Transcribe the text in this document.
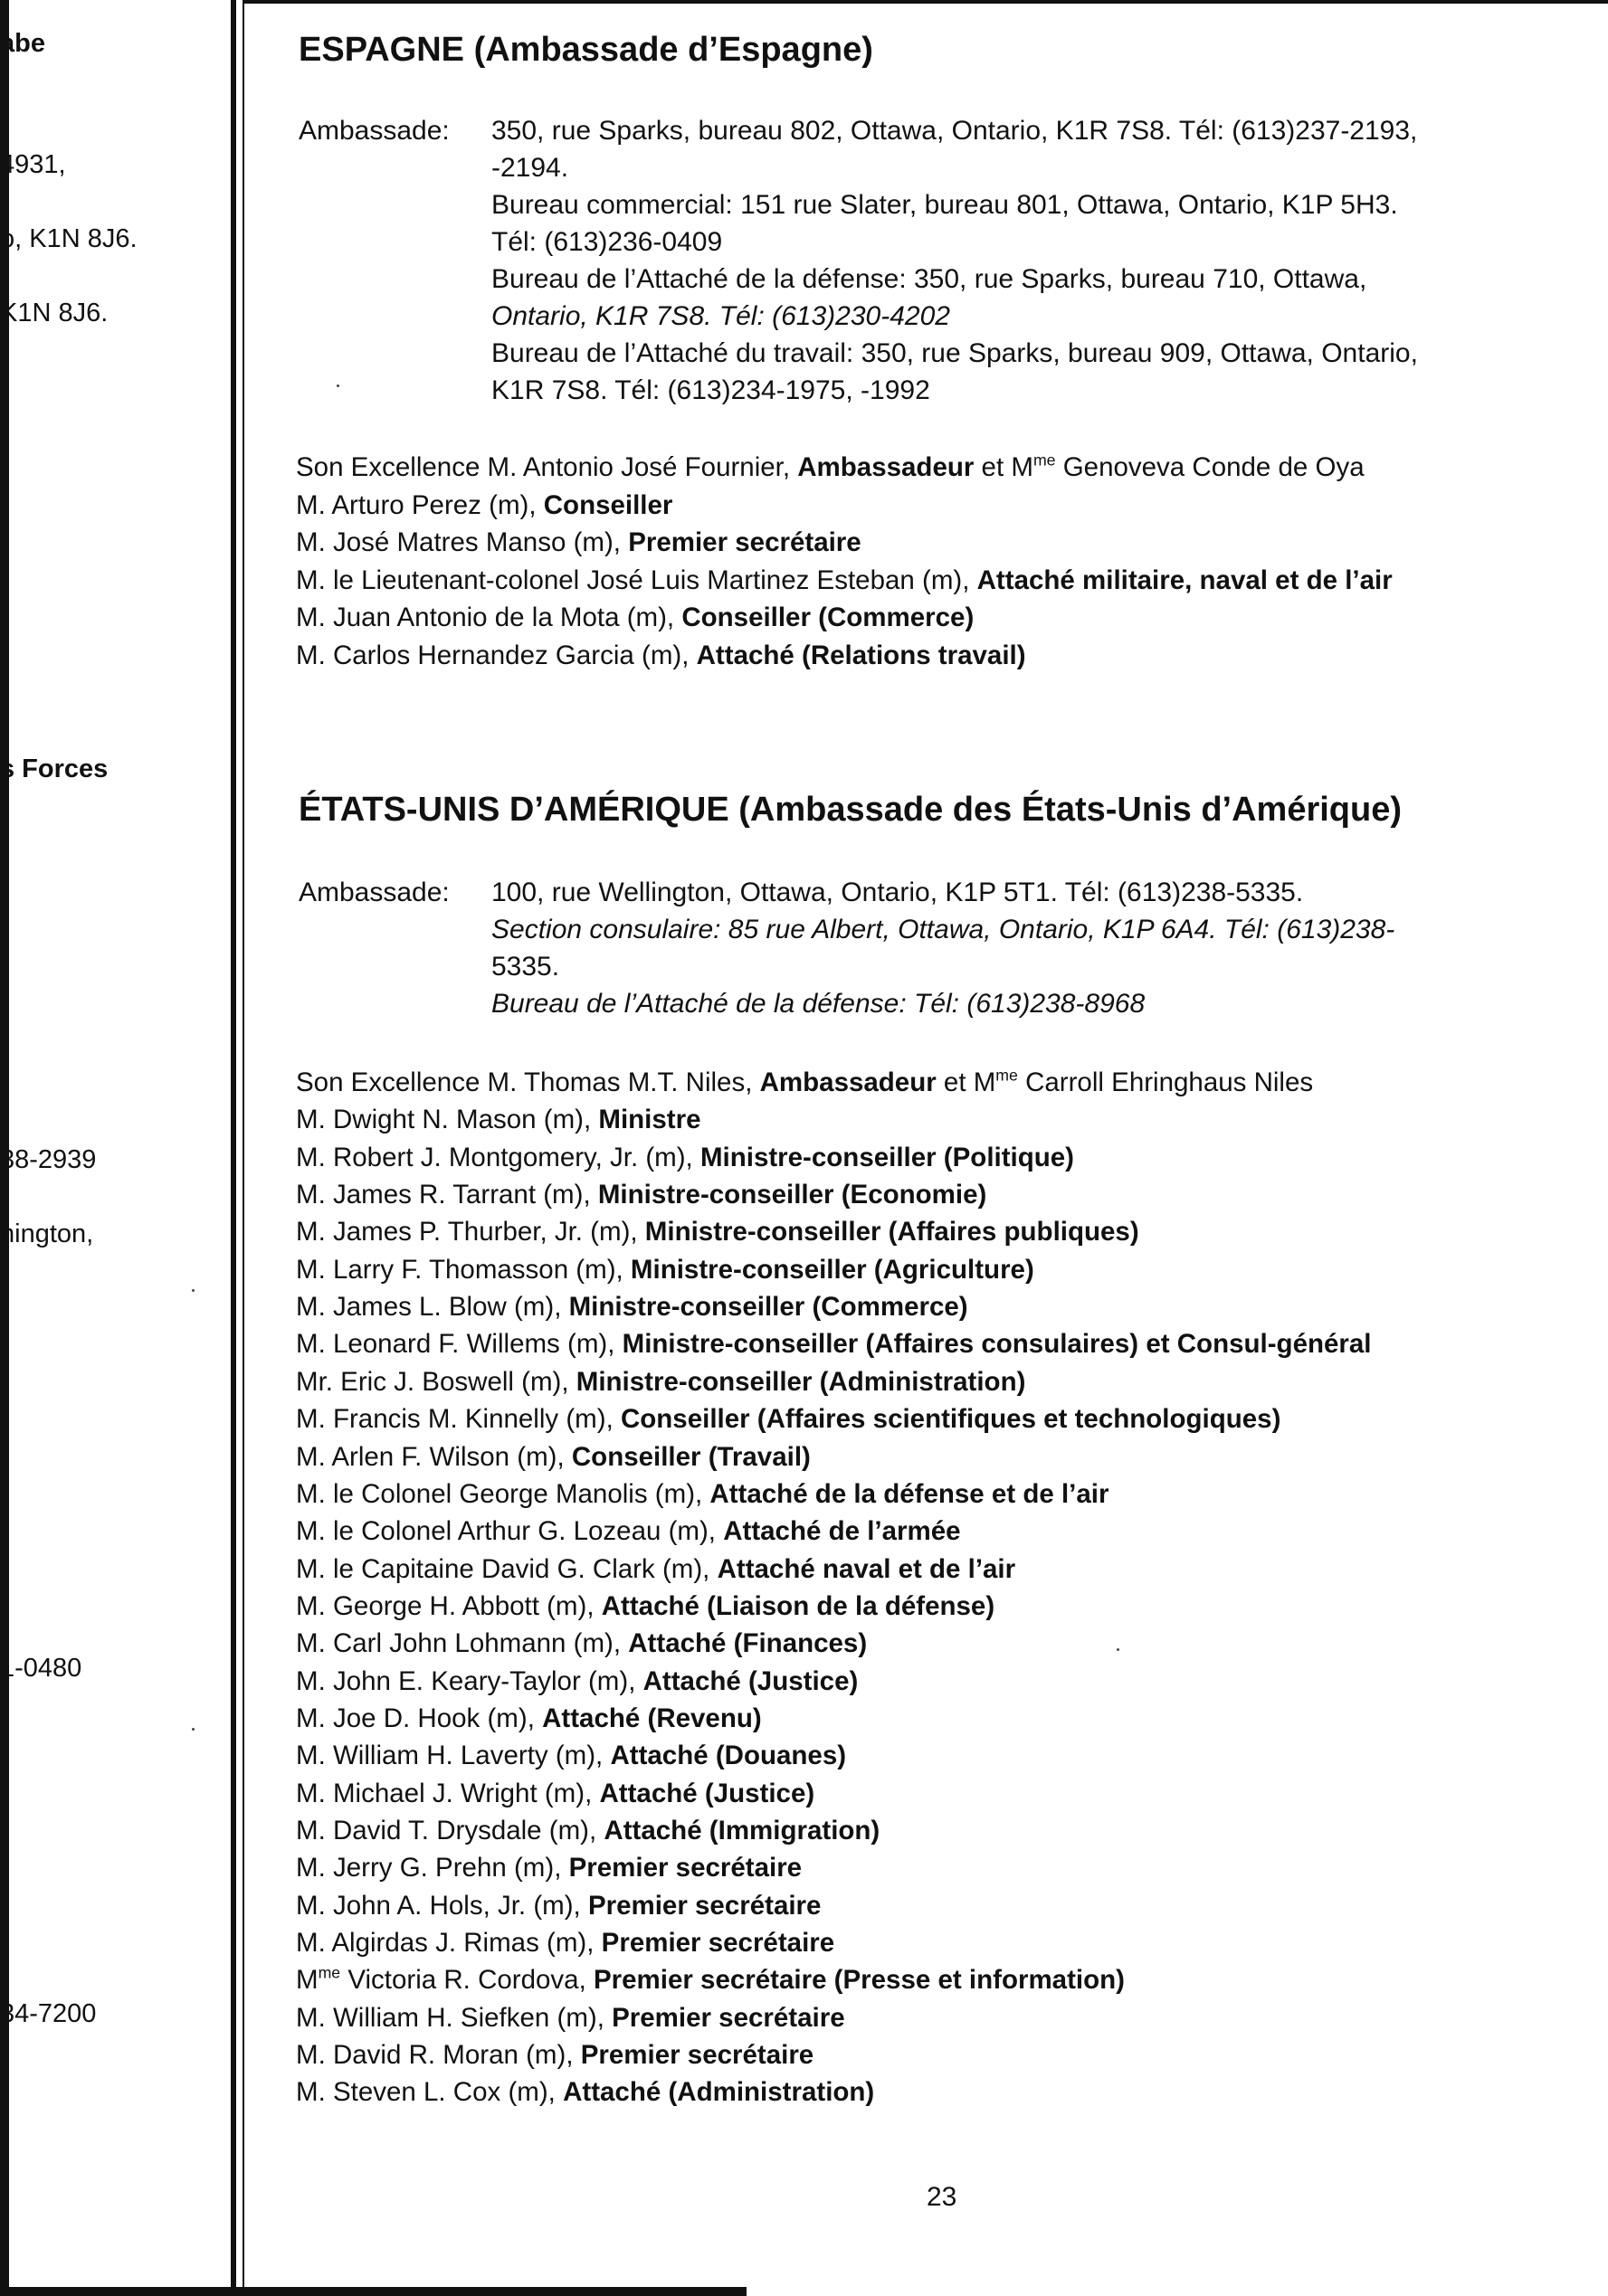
abe
4931,
o, K1N 8J6.
K1N 8J6.
s Forces
38-2939
hington,
1-0480
34-7200
ESPAGNE (Ambassade d’Espagne)
Ambassade: 350, rue Sparks, bureau 802, Ottawa, Ontario, K1R 7S8. Tél: (613)237-2193,
-2194.
Bureau commercial: 151 rue Slater, bureau 801, Ottawa, Ontario, K1P 5H3.
Tél: (613)236-0409
Bureau de l’Attaché de la défense: 350, rue Sparks, bureau 710, Ottawa,
Ontario, K1R 7S8. Tél: (613)230-4202
Bureau de l’Attaché du travail: 350, rue Sparks, bureau 909, Ottawa, Ontario,
K1R 7S8. Tél: (613)234-1975, -1992
Son Excellence M. Antonio José Fournier, Ambassadeur et $M^{me}$ Genoveva Conde de Oya
M. Arturo Perez (m), Conseiller
M. José Matres Manso (m), Premier secrétaire
M. le Lieutenant-colonel José Luis Martinez Esteban (m), Attaché militaire, naval et de l’air
M. Juan Antonio de la Mota (m), Conseiller (Commerce)
M. Carlos Hernandez Garcia (m), Attaché (Relations travail)
ÉTATS-UNIS D’AMÉRIQUE (Ambassade des États-Unis d’Amérique)
Ambassade: 100, rue Wellington, Ottawa, Ontario, K1P 5T1. Tél: (613)238-5335.
Section consulaire: 85 rue Albert, Ottawa, Ontario, K1P 6A4. Tél: (613)238-
5335.
Bureau de l’Attaché de la défense: Tél: (613)238-8968
Son Excellence M. Thomas M.T. Niles, Ambassadeur et $M^{me}$ Carroll Ehringhaus Niles
M. Dwight N. Mason (m), Ministre
M. Robert J. Montgomery, Jr. (m), Ministre-conseiller (Politique)
M. James R. Tarrant (m), Ministre-conseiller (Economie)
M. James P. Thurber, Jr. (m), Ministre-conseiller (Affaires publiques)
M. Larry F. Thomasson (m), Ministre-conseiller (Agriculture)
M. James L. Blow (m), Ministre-conseiller (Commerce)
M. Leonard F. Willems (m), Ministre-conseiller (Affaires consulaires) et Consul-général
Mr. Eric J. Boswell (m), Ministre-conseiller (Administration)
M. Francis M. Kinnelly (m), Conseiller (Affaires scientifiques et technologiques)
M. Arlen F. Wilson (m), Conseiller (Travail)
M. le Colonel George Manolis (m), Attaché de la défense et de l’air
M. le Colonel Arthur G. Lozeau (m), Attaché de l’armée
M. le Capitaine David G. Clark (m), Attaché naval et de l’air
M. George H. Abbott (m), Attaché (Liaison de la défense)
M. Carl John Lohmann (m), Attaché (Finances)
M. John E. Keary-Taylor (m), Attaché (Justice)
M. Joe D. Hook (m), Attaché (Revenu)
M. William H. Laverty (m), Attaché (Douanes)
M. Michael J. Wright (m), Attaché (Justice)
M. David T. Drysdale (m), Attaché (Immigration)
M. Jerry G. Prehn (m), Premier secrétaire
M. John A. Hols, Jr. (m), Premier secrétaire
M. Algirdas J. Rimas (m), Premier secrétaire
$M^{me}$ Victoria R. Cordova, Premier secrétaire (Presse et information)
M. William H. Siefken (m), Premier secrétaire
M. David R. Moran (m), Premier secrétaire
M. Steven L. Cox (m), Attaché (Administration)
23
